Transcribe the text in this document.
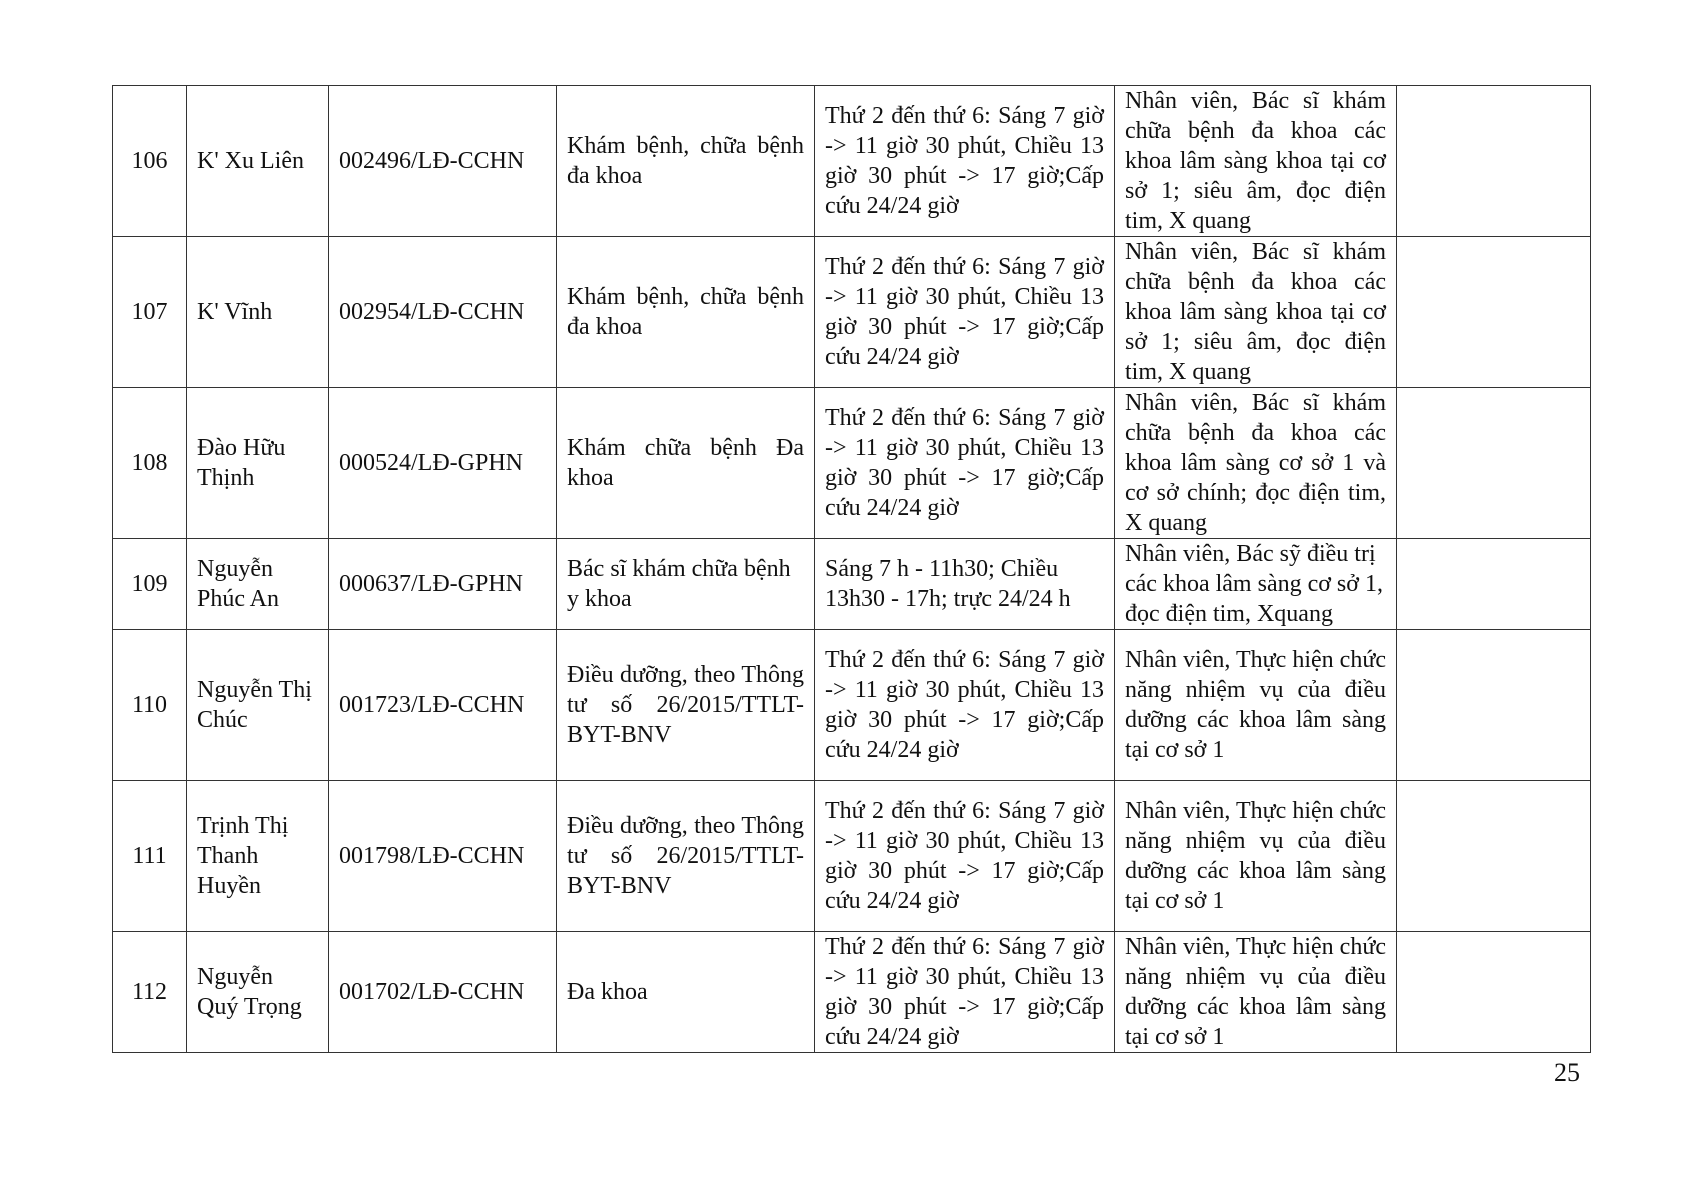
106	K' Xu Liên	002496/LĐ-CCHN	Khám bệnh, chữa bệnh đa khoa	Thứ 2 đến thứ 6: Sáng 7 giờ -> 11 giờ 30 phút, Chiều 13 giờ 30 phút -> 17 giờ;Cấp cứu 24/24 giờ	Nhân viên, Bác sĩ khám chữa bệnh đa khoa các khoa lâm sàng khoa tại cơ sở 1; siêu âm, đọc điện tim, X quang	
107	K' Vĩnh	002954/LĐ-CCHN	Khám bệnh, chữa bệnh đa khoa	Thứ 2 đến thứ 6: Sáng 7 giờ -> 11 giờ 30 phút, Chiều 13 giờ 30 phút -> 17 giờ;Cấp cứu 24/24 giờ	Nhân viên, Bác sĩ khám chữa bệnh đa khoa các khoa lâm sàng khoa tại cơ sở 1; siêu âm, đọc điện tim, X quang	
108	Đào Hữu Thịnh	000524/LĐ-GPHN	Khám chữa bệnh Đa khoa	Thứ 2 đến thứ 6: Sáng 7 giờ -> 11 giờ 30 phút, Chiều 13 giờ 30 phút -> 17 giờ;Cấp cứu 24/24 giờ	Nhân viên, Bác sĩ khám chữa bệnh đa khoa các khoa lâm sàng cơ sở 1 và cơ sở chính; đọc điện tim, X quang	
109	Nguyễn Phúc An	000637/LĐ-GPHN	Bác sĩ khám chữa bệnh y khoa	Sáng 7 h - 11h30; Chiều 13h30 - 17h; trực 24/24 h	Nhân viên, Bác sỹ điều trị các khoa lâm sàng cơ sở 1,
đọc điện tim, Xquang	
110	Nguyễn Thị Chúc	001723/LĐ-CCHN	Điều dưỡng, theo Thông tư số 26/2015/TTLT-BYT-BNV	Thứ 2 đến thứ 6: Sáng 7 giờ -> 11 giờ 30 phút, Chiều 13 giờ 30 phút -> 17 giờ;Cấp cứu 24/24 giờ	Nhân viên, Thực hiện chức năng nhiệm vụ của điều dưỡng các khoa lâm sàng tại cơ sở 1	
111	Trịnh Thị Thanh Huyền	001798/LĐ-CCHN	Điều dưỡng, theo Thông tư số 26/2015/TTLT-BYT-BNV	Thứ 2 đến thứ 6: Sáng 7 giờ -> 11 giờ 30 phút, Chiều 13 giờ 30 phút -> 17 giờ;Cấp cứu 24/24 giờ	Nhân viên, Thực hiện chức năng nhiệm vụ của điều dưỡng các khoa lâm sàng tại cơ sở 1	
112	Nguyễn Quý Trọng	001702/LĐ-CCHN	Đa khoa	Thứ 2 đến thứ 6: Sáng 7 giờ -> 11 giờ 30 phút, Chiều 13 giờ 30 phút -> 17 giờ;Cấp cứu 24/24 giờ	Nhân viên, Thực hiện chức năng nhiệm vụ của điều dưỡng các khoa lâm sàng tại cơ sở 1	
25
